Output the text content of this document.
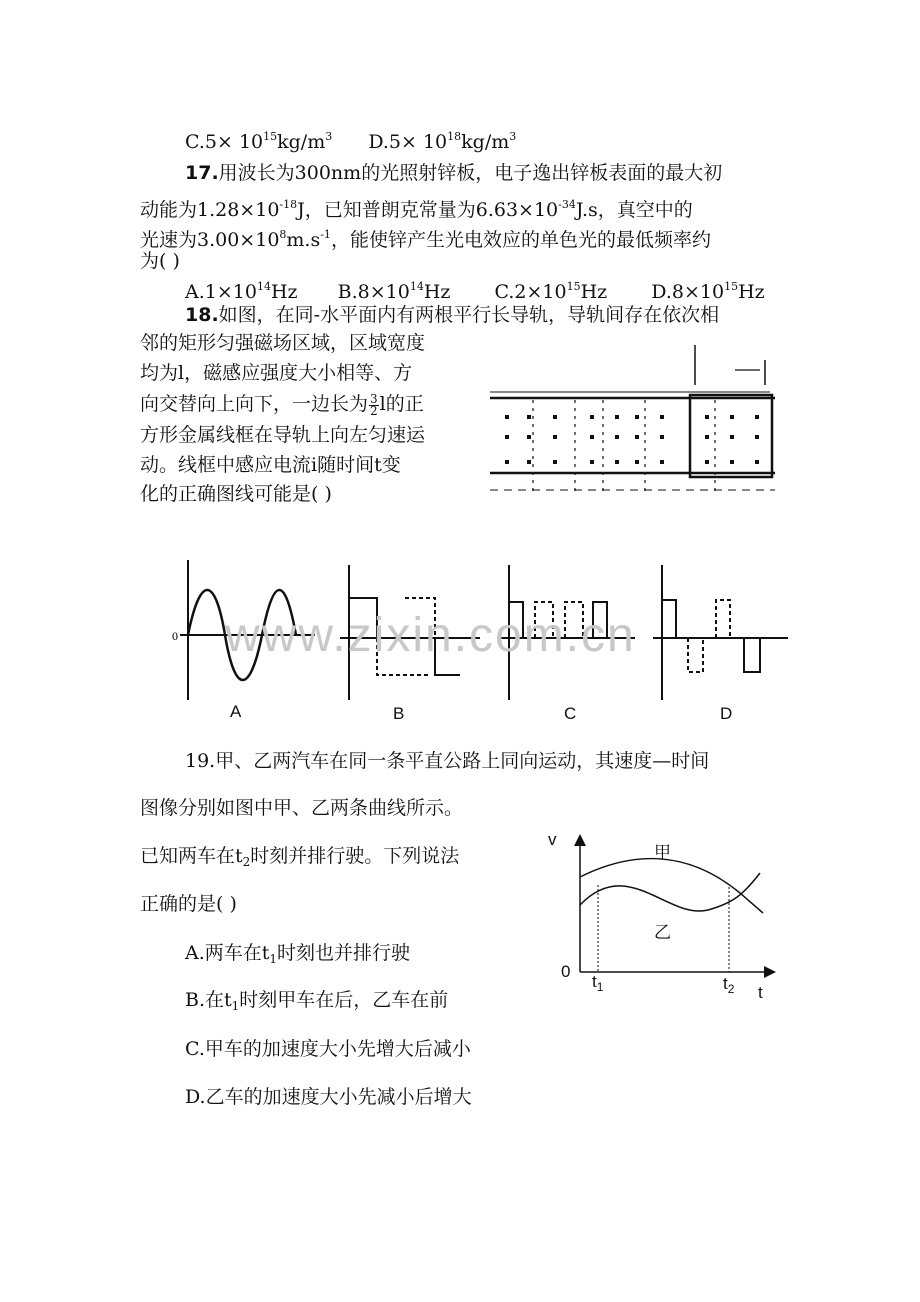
$C.5\times 10^{15}kg/m^3$ $D.5\times 10^{18}kg/m^3$
17.用波长为300nm的光照射锌板，电子逸出锌板表面的最大初
动能为$1.28\times 10^{-18}J$，已知普朗克常量为$6.63\times 10^{-34}J.s$，真空中的
光速为$3.00\times 10^8m.s^{-1}$，能使锌产生光电效应的单色光的最低频率约
为( )
$A.1\times 10^{14}Hz$ $B.8\times 10^{14}Hz$ $C.2\times 10^{15}Hz$ $D.8\times 10^{15}Hz$
18.如图，在同-水平面内有两根平行长导轨，导轨间存在依次相
邻的矩形匀强磁场区域，区域宽度
均为l，磁感应强度大小相等、方
向交替向上向下，一边长为 $\frac{3}{2}$ l的正
方形金属线框在导轨上向左匀速运
动。线框中感应电流i随时间t变
化的正确图线可能是( )
0
A	B	C	D
www.zixin.com.cn
19.甲、乙两汽车在同一条平直公路上同向运动，其速度—时间
图像分别如图中甲、乙两条曲线所示。
已知两车在$t_2$时刻并排行驶。下列说法
正确的是( )
A.两车在$t_1$时刻也并排行驶
B.在$t_1$时刻甲车在后，乙车在前
C.甲车的加速度大小先增大后减小
D.乙车的加速度大小先减小后增大
v
t
0
$t_1$	$t_2$
甲
乙
